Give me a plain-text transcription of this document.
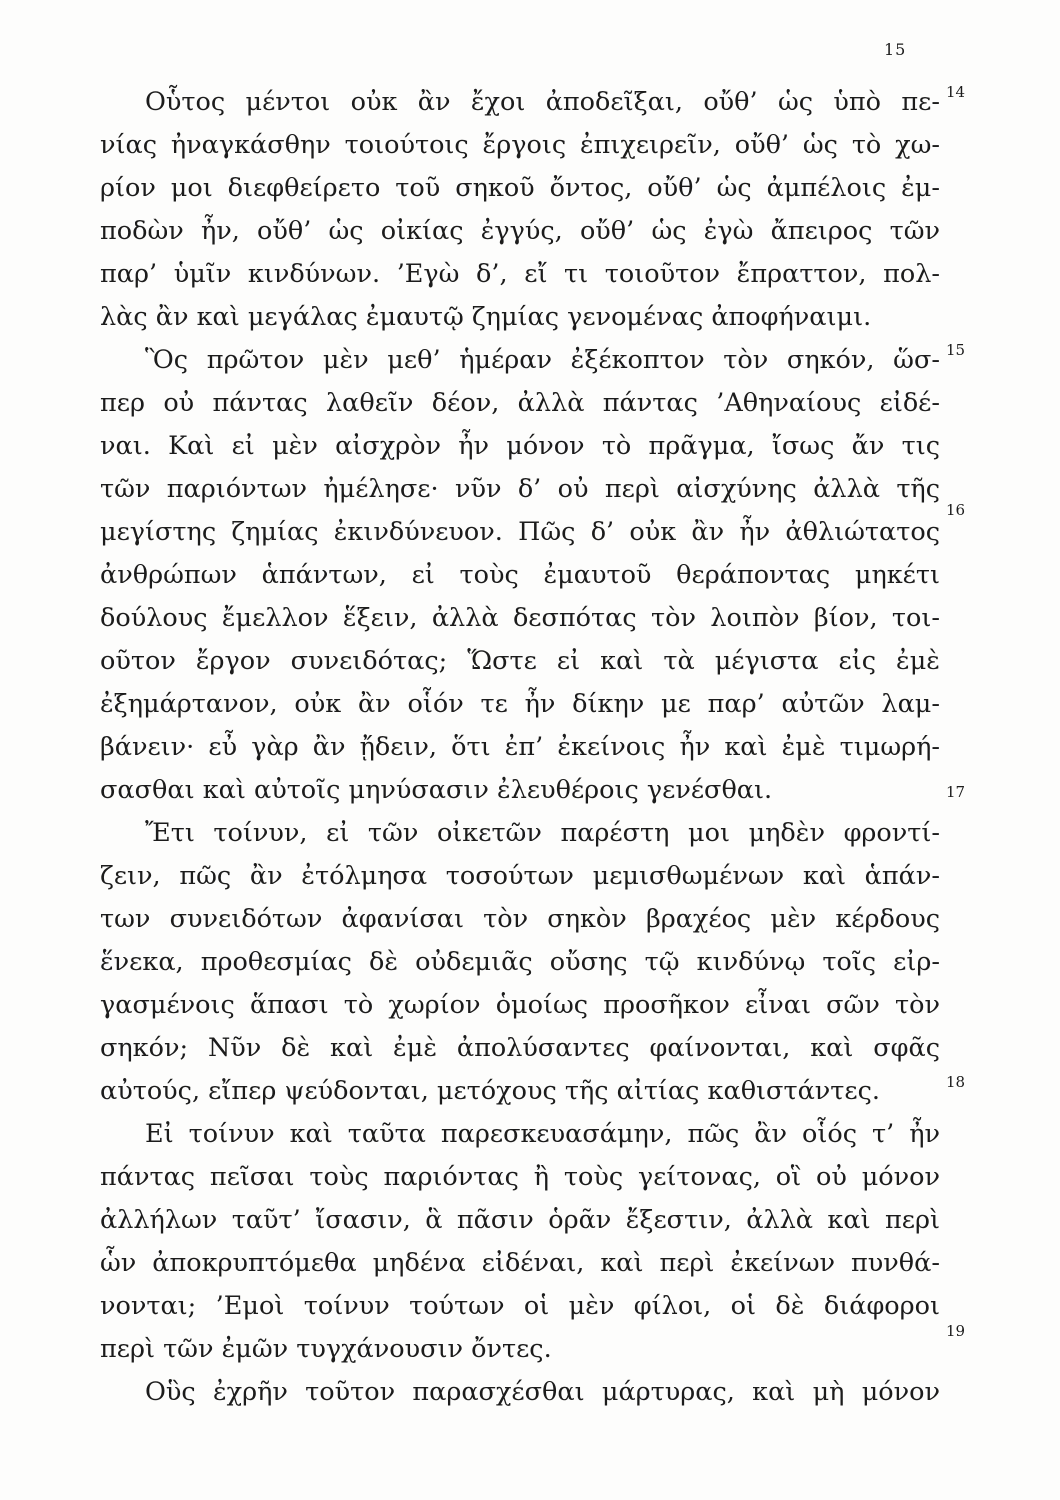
15
Οὗτος μέντοι οὐκ ἂν ἔχοι ἀποδεῖξαι, οὔθ’ ὡς ὑπὸ πε-
νίας ἠναγκάσθην τοιούτοις ἔργοις ἐπιχειρεῖν, οὔθ’ ὡς τὸ χω-
ρίον μοι διεφθείρετο τοῦ σηκοῦ ὄντος, οὔθ’ ὡς ἀμπέλοις ἐμ-
ποδὼν ἦν, οὔθ’ ὡς οἰκίας ἐγγύς, οὔθ’ ὡς ἐγὼ ἄπειρος τῶν
παρ’ ὑμῖν κινδύνων. ’Εγὼ δ’, εἴ τι τοιοῦτον ἔπραττον, πολ-
λὰς ἂν καὶ μεγάλας ἐμαυτῷ ζημίας γενομένας ἀποφήναιμι.
Ὃς πρῶτον μὲν μεθ’ ἡμέραν ἐξέκοπτον τὸν σηκόν, ὥσ-
περ οὐ πάντας λαθεῖν δέον, ἀλλὰ πάντας ’Αθηναίους εἰδέ-
ναι. Καὶ εἰ μὲν αἰσχρὸν ἦν μόνον τὸ πρᾶγμα, ἴσως ἄν τις
τῶν παριόντων ἠμέλησε· νῦν δ’ οὐ περὶ αἰσχύνης ἀλλὰ τῆς
μεγίστης ζημίας ἐκινδύνευον. Πῶς δ’ οὐκ ἂν ἦν ἀθλιώτατος
ἀνθρώπων ἁπάντων, εἰ τοὺς ἐμαυτοῦ θεράποντας μηκέτι
δούλους ἔμελλον ἕξειν, ἀλλὰ δεσπότας τὸν λοιπὸν βίον, τοι-
οῦτον ἔργον συνειδότας; Ὥστε εἰ καὶ τὰ μέγιστα εἰς ἐμὲ
ἐξημάρτανον, οὐκ ἂν οἷόν τε ἦν δίκην με παρ’ αὐτῶν λαμ-
βάνειν· εὖ γὰρ ἂν ᾔδειν, ὅτι ἐπ’ ἐκείνοις ἦν καὶ ἐμὲ τιμωρή-
σασθαι καὶ αὐτοῖς μηνύσασιν ἐλευθέροις γενέσθαι.
Ἔτι τοίνυν, εἰ τῶν οἰκετῶν παρέστη μοι μηδὲν φροντί-
ζειν, πῶς ἂν ἐτόλμησα τοσούτων μεμισθωμένων καὶ ἁπάν-
των συνειδότων ἀφανίσαι τὸν σηκὸν βραχέος μὲν κέρδους
ἕνεκα, προθεσμίας δὲ οὐδεμιᾶς οὔσης τῷ κινδύνῳ τοῖς εἰρ-
γασμένοις ἅπασι τὸ χωρίον ὁμοίως προσῆκον εἶναι σῶν τὸν
σηκόν; Νῦν δὲ καὶ ἐμὲ ἀπολύσαντες φαίνονται, καὶ σφᾶς
αὐτούς, εἴπερ ψεύδονται, μετόχους τῆς αἰτίας καθιστάντες.
Εἰ τοίνυν καὶ ταῦτα παρεσκευασάμην, πῶς ἂν οἷός τ’ ἦν
πάντας πεῖσαι τοὺς παριόντας ἢ τοὺς γείτονας, οἳ οὐ μόνον
ἀλλήλων ταῦτ’ ἴσασιν, ἃ πᾶσιν ὁρᾶν ἔξεστιν, ἀλλὰ καὶ περὶ
ὧν ἀποκρυπτόμεθα μηδένα εἰδέναι, καὶ περὶ ἐκείνων πυνθά-
νονται; ’Εμοὶ τοίνυν τούτων οἱ μὲν φίλοι, οἱ δὲ διάφοροι
περὶ τῶν ἐμῶν τυγχάνουσιν ὄντες.
Οὓς ἐχρῆν τοῦτον παρασχέσθαι μάρτυρας, καὶ μὴ μόνον
14
15
16
17
18
19
